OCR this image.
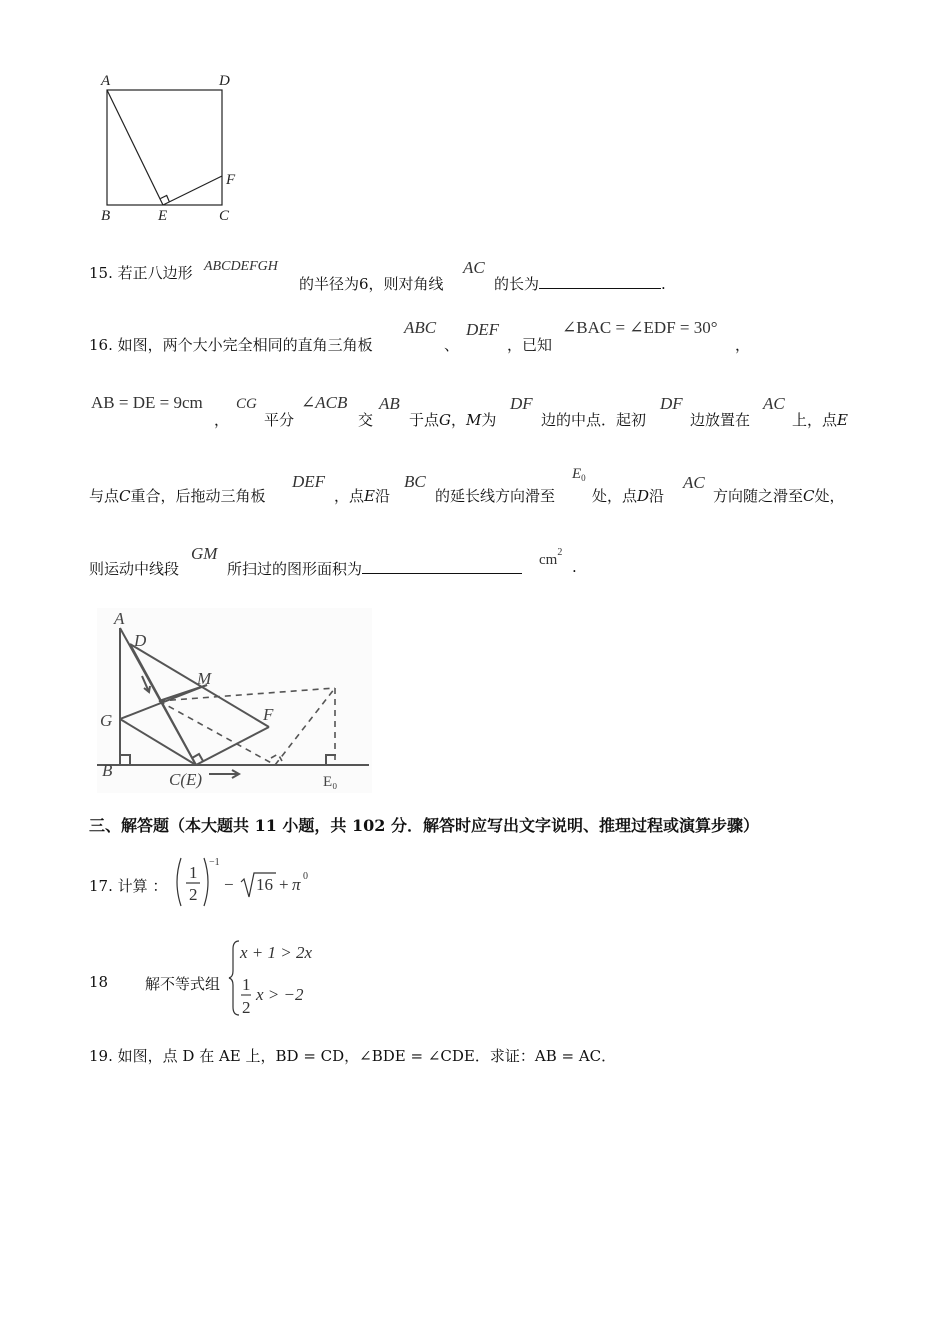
A	D
B	E	C
F
15. 若正八边形 ABCDEFGH
的半径为6，则对角线
AC
的长为	.
16. 如图，两个大小完全相同的直角三角板
ABC
、
DEF
，已知
∠BAC = ∠EDF = 30°
，
AB = DE = 9cm
，
CG
平分
∠ACB
交
AB
于点G，M为
DF
边的中点．起初
DF
边放置在
AC
上，点E
与点C重合，后拖动三角板
DEF
，点E沿
BC
的延长线方向滑至
$E_0$
处，点D沿
AC
方向随之滑至C处，
则运动中线段
GM
所扫过的图形面积为	$cm^2$
.
A
D
M
G	F
B	C(E)	E₀
三、解答题（本大题共 11 小题，共 102 分．解答时应写出文字说明、推理过程或演算步骤）
17. 计算 ：
1
2
−1
− 16 + π 0
18 解不等式组
x + 1 > 2x
1
2
x > −2
19. 如图，点 D 在 AE 上，BD = CD，∠BDE = ∠CDE．求证：AB = AC．
